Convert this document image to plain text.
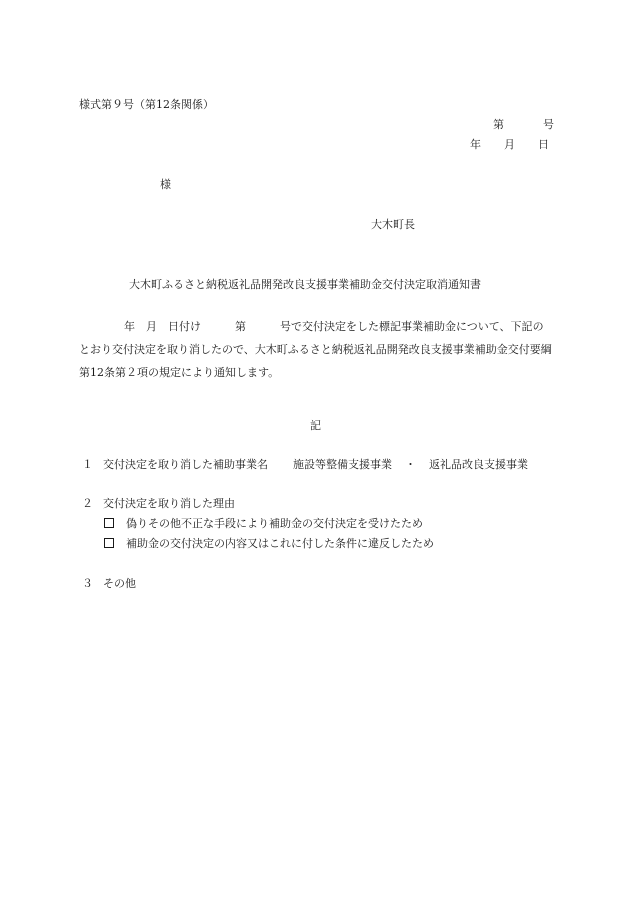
様式第９号（第12条関係）
第	号
年 月 日
様
大木町長
大木町ふるさと納税返礼品開発改良支援事業補助金交付決定取消通知書
年 月 日付け	第	号で交付決定をした標記事業補助金について、下記のとおり交付決定を取り消したので、大木町ふるさと納税返礼品開発改良支援事業補助金交付要綱第12条第２項の規定により通知します。
記
１ 交付決定を取り消した補助事業名 施設等整備支援事業 ・ 返礼品改良支援事業
２ 交付決定を取り消した理由
偽りその他不正な手段により補助金の交付決定を受けたため
補助金の交付決定の内容又はこれに付した条件に違反したため
３ その他
